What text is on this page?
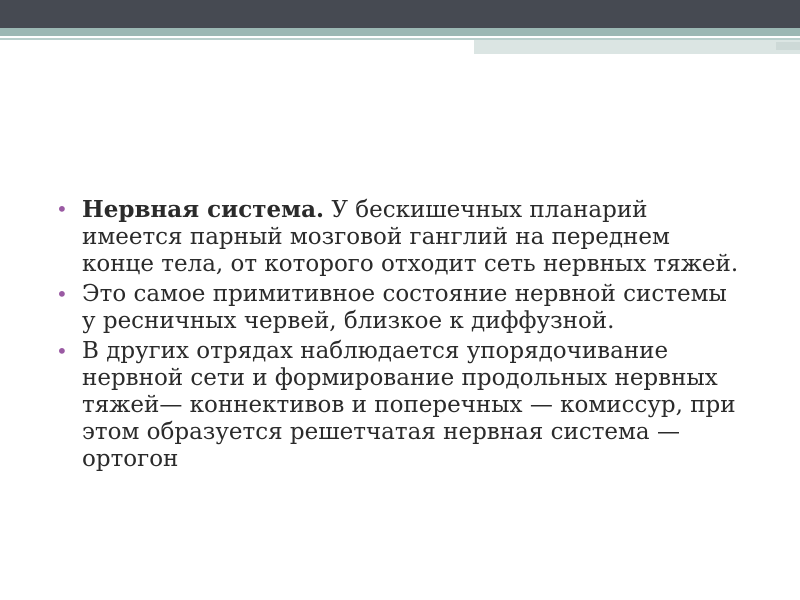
• Нервная система. У бескишечных планарий имеется парный мозговой ганглий на переднем конце тела, от которого отходит сеть нервных тяжей.
• Это самое примитивное состояние нервной системы у ресничных червей, близкое к диффузной.
• В других отрядах наблюдается упорядочивание нервной сети и формирование продольных нервных тяжей— коннективов и поперечных — комиссур, при этом образуется решетчатая нервная система — ортогон
